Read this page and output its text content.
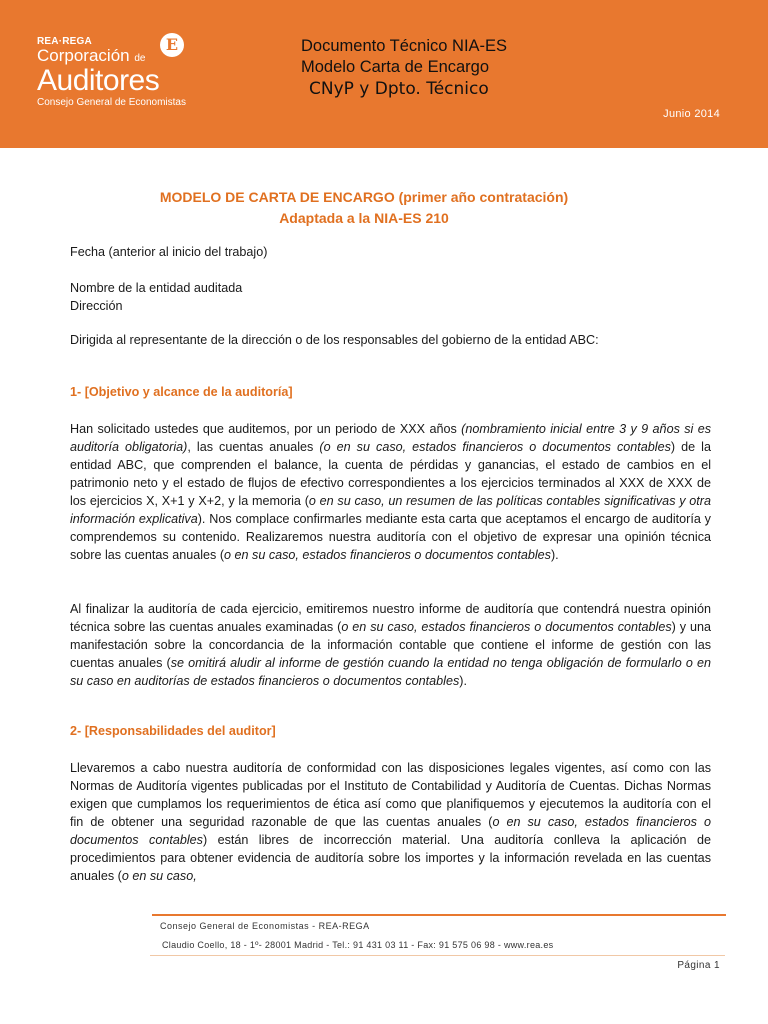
REA·REGA
Corporación de
Auditores
Consejo General de Economistas
E	Documento Técnico NIA-ES
Modelo Carta de Encargo
CNyP y Dpto. Técnico
Junio 2014
MODELO DE CARTA DE ENCARGO (primer año contratación)
Adaptada a la NIA-ES 210
Fecha (anterior al inicio del trabajo)
Nombre de la entidad auditada
Dirección
Dirigida al representante de la dirección o de los responsables del gobierno de la entidad ABC:
1- [Objetivo y alcance de la auditoría]
Han solicitado ustedes que auditemos, por un periodo de XXX años (nombramiento inicial entre 3 y 9 años si es auditoría obligatoria), las cuentas anuales (o en su caso, estados financieros o documentos contables) de la entidad ABC, que comprenden el balance, la cuenta de pérdidas y ganancias, el estado de cambios en el patrimonio neto y el estado de flujos de efectivo correspondientes a los ejercicios terminados al XXX de XXX de los ejercicios X, X+1 y X+2, y la memoria (o en su caso, un resumen de las políticas contables significativas y otra información explicativa). Nos complace confirmarles mediante esta carta que aceptamos el encargo de auditoría y comprendemos su contenido. Realizaremos nuestra auditoría con el objetivo de expresar una opinión técnica sobre las cuentas anuales (o en su caso, estados financieros o documentos contables).
Al finalizar la auditoría de cada ejercicio, emitiremos nuestro informe de auditoría que contendrá nuestra opinión técnica sobre las cuentas anuales examinadas (o en su caso, estados financieros o documentos contables) y una manifestación sobre la concordancia de la información contable que contiene el informe de gestión con las cuentas anuales (se omitirá aludir al informe de gestión cuando la entidad no tenga obligación de formularlo o en su caso en auditorías de estados financieros o documentos contables).
2- [Responsabilidades del auditor]
Llevaremos a cabo nuestra auditoría de conformidad con las disposiciones legales vigentes, así como con las Normas de Auditoría vigentes publicadas por el Instituto de Contabilidad y Auditoría de Cuentas. Dichas Normas exigen que cumplamos los requerimientos de ética así como que planifiquemos y ejecutemos la auditoría con el fin de obtener una seguridad razonable de que las cuentas anuales (o en su caso, estados financieros o documentos contables) están libres de incorrección material. Una auditoría conlleva la aplicación de procedimientos para obtener evidencia de auditoría sobre los importes y la información revelada en las cuentas anuales (o en su caso,
Consejo General de Economistas - REA-REGA
Claudio Coello, 18 - 1º- 28001 Madrid - Tel.: 91 431 03 11 - Fax: 91 575 06 98 - www.rea.es
Página 1
